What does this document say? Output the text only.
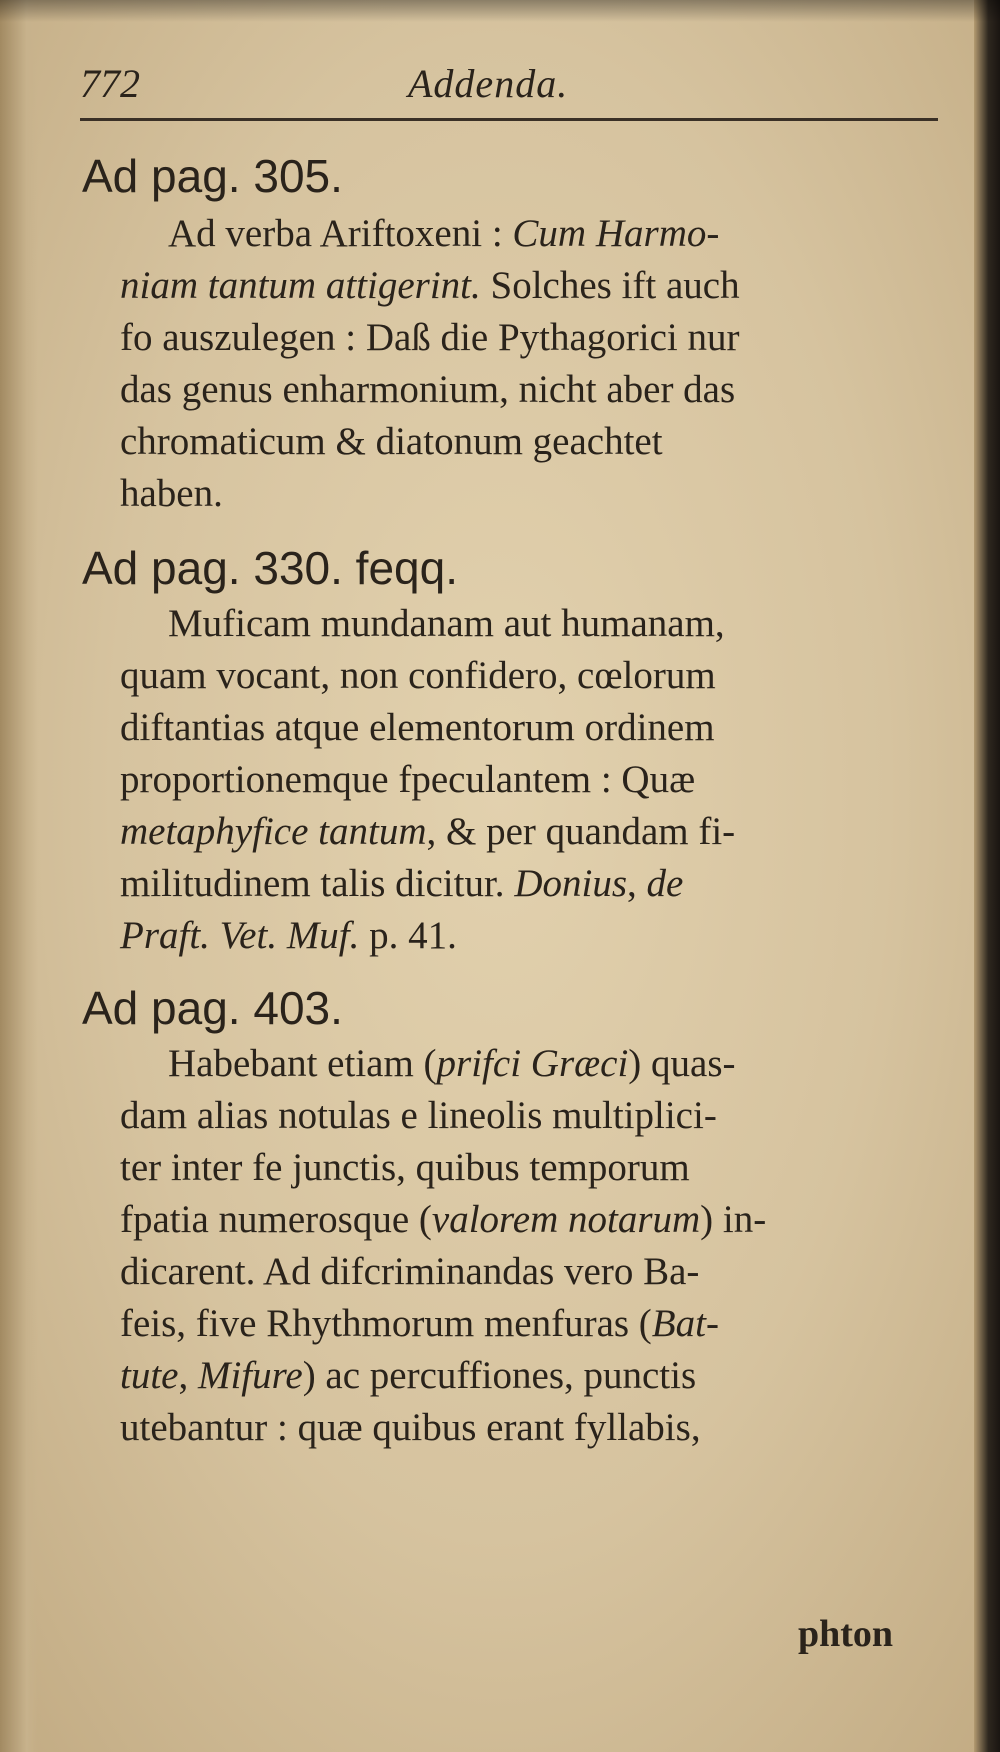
772	Addenda.
Ad pag. 305.
Ad verba Ariftoxeni : Cum Harmo-
niam tantum attigerint. Solches ift auch
fo auszulegen : Daß die Pythagorici nur
das genus enharmonium, nicht aber das
chromaticum & diatonum geachtet
haben.
Ad pag. 330. feqq.
Muficam mundanam aut humanam,
quam vocant, non confidero, cœlorum
diftantias atque elementorum ordinem
proportionemque fpeculantem : Quæ
metaphyfice tantum, & per quandam fi-
militudinem talis dicitur. Donius, de
Praft. Vet. Muf. p. 41.
Ad pag. 403.
Habebant etiam (prifci Græci) quas-
dam alias notulas e lineolis multiplici-
ter inter fe junctis, quibus temporum
fpatia numerosque (valorem notarum) in-
dicarent. Ad difcriminandas vero Ba-
feis, five Rhythmorum menfuras (Bat-
tute, Mifure) ac percuffiones, punctis
utebantur : quæ quibus erant fyllabis,
phton
